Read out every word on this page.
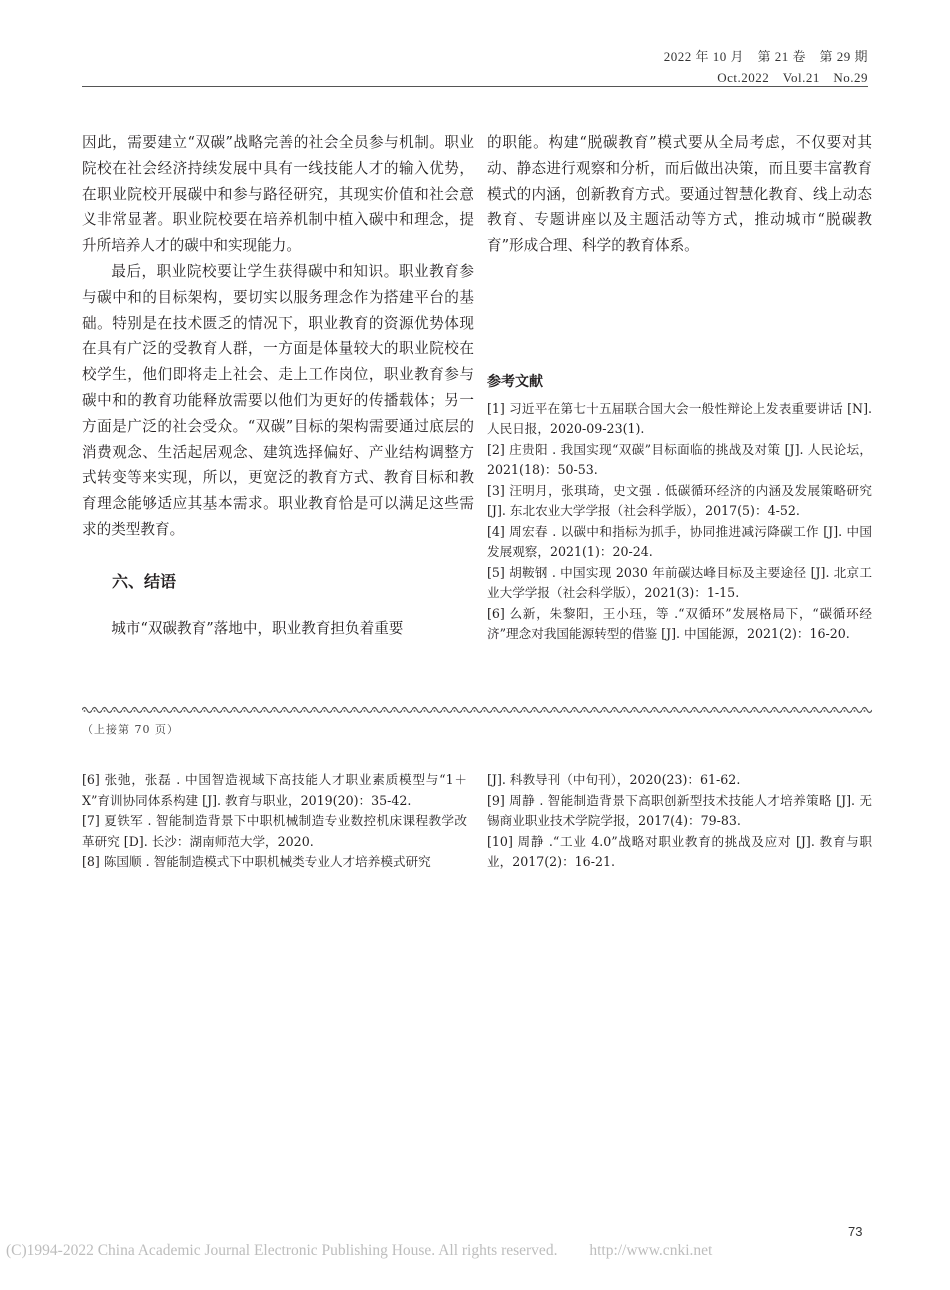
2022 年 10 月　第 21 卷　第 29 期
Oct.2022　Vol.21　No.29

因此，需要建立“双碳”战略完善的社会全员参与机制。职业院校在社会经济持续发展中具有一线技能人才的输入优势，在职业院校开展碳中和参与路径研究，其现实价值和社会意义非常显著。职业院校要在培养机制中植入碳中和理念，提升所培养人才的碳中和实现能力。

最后，职业院校要让学生获得碳中和知识。职业教育参与碳中和的目标架构，要切实以服务理念作为搭建平台的基础。特别是在技术匮乏的情况下，职业教育的资源优势体现在具有广泛的受教育人群，一方面是体量较大的职业院校在校学生，他们即将走上社会、走上工作岗位，职业教育参与碳中和的教育功能释放需要以他们为更好的传播载体；另一方面是广泛的社会受众。“双碳”目标的架构需要通过底层的消费观念、生活起居观念、建筑选择偏好、产业结构调整方式转变等来实现，所以，更宽泛的教育方式、教育目标和教育理念能够适应其基本需求。职业教育恰是可以满足这些需求的类型教育。

六、结语

城市“双碳教育”落地中，职业教育担负着重要

的职能。构建“脱碳教育”模式要从全局考虑，不仅要对其动、静态进行观察和分析，而后做出决策，而且要丰富教育模式的内涵，创新教育方式。要通过智慧化教育、线上动态教育、专题讲座以及主题活动等方式，推动城市“脱碳教育”形成合理、科学的教育体系。

参考文献

[1] 习近平在第七十五届联合国大会一般性辩论上发表重要讲话 [N]. 人民日报，2020-09-23(1).

[2] 庄贵阳 . 我国实现“双碳”目标面临的挑战及对策 [J]. 人民论坛，2021(18)：50-53.

[3] 汪明月，张琪琦，史文强 . 低碳循环经济的内涵及发展策略研究 [J]. 东北农业大学学报（社会科学版），2017(5)：4-52.

[4] 周宏春 . 以碳中和指标为抓手，协同推进减污降碳工作 [J]. 中国发展观察，2021(1)：20-24.

[5] 胡鞍钢 . 中国实现 2030 年前碳达峰目标及主要途径 [J]. 北京工业大学学报（社会科学版），2021(3)：1-15.

[6] 么新，朱黎阳，王小珏，等 .“双循环”发展格局下，“碳循环经济”理念对我国能源转型的借鉴 [J]. 中国能源，2021(2)：16-20.

（上接第 70 页）

[6] 张弛，张磊 . 中国智造视域下高技能人才职业素质模型与“1＋X”育训协同体系构建 [J]. 教育与职业，2019(20)：35-42.

[7] 夏铁军 . 智能制造背景下中职机械制造专业数控机床课程教学改革研究 [D]. 长沙：湖南师范大学，2020.

[8] 陈国顺 . 智能制造模式下中职机械类专业人才培养模式研究

[J]. 科教导刊（中旬刊），2020(23)：61-62.

[9] 周静 . 智能制造背景下高职创新型技术技能人才培养策略 [J]. 无锡商业职业技术学院学报，2017(4)：79-83.

[10] 周静 .“工业 4.0”战略对职业教育的挑战及应对 [J]. 教育与职业，2017(2)：16-21.

73
(C)1994-2022 China Academic Journal Electronic Publishing House. All rights reserved. http://www.cnki.net
